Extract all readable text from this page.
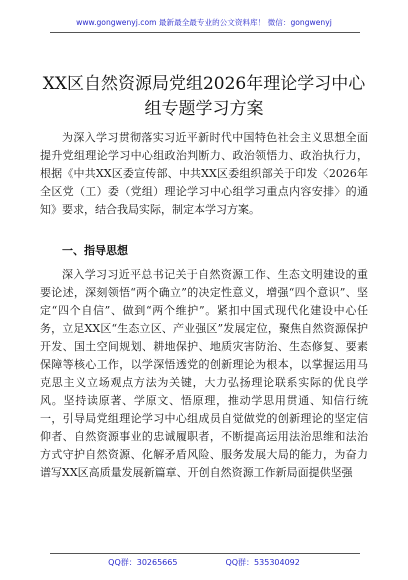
www.gongwenyj.com 最新最全最专业的公文资料库！ 微信：gongwenyj
XX区自然资源局党组2026年理论学习中心组专题学习方案
为深入学习贯彻落实习近平新时代中国特色社会主义思想全面提升党组理论学习中心组政治判断力、政治领悟力、政治执行力，根据《中共XX区委宣传部、中共XX区委组织部关于印发〈2026年全区党（工）委（党组）理论学习中心组学习重点内容安排〉的通知》要求，结合我局实际，制定本学习方案。
一、指导思想
深入学习习近平总书记关于自然资源工作、生态文明建设的重要论述，深刻领悟“两个确立”的决定性意义，增强“四个意识”、坚定“四个自信”、做到“两个维护”。紧扣中国式现代化建设中心任务，立足XX区“生态立区、产业强区”发展定位，聚焦自然资源保护开发、国土空间规划、耕地保护、地质灾害防治、生态修复、要素保障等核心工作，以学深悟透党的创新理论为根本，以掌握运用马克思主义立场观点方法为关键，大力弘扬理论联系实际的优良学风。坚持读原著、学原文、悟原理，推动学思用贯通、知信行统一，引导局党组理论学习中心组成员自觉做党的创新理论的坚定信仰者、自然资源事业的忠诚履职者，不断提高运用法治思维和法治方式守护自然资源、化解矛盾风险、服务发展大局的能力，为奋力谱写XX区高质量发展新篇章、开创自然资源工作新局面提供坚强
QQ群：30265665	QQ群：535304092
